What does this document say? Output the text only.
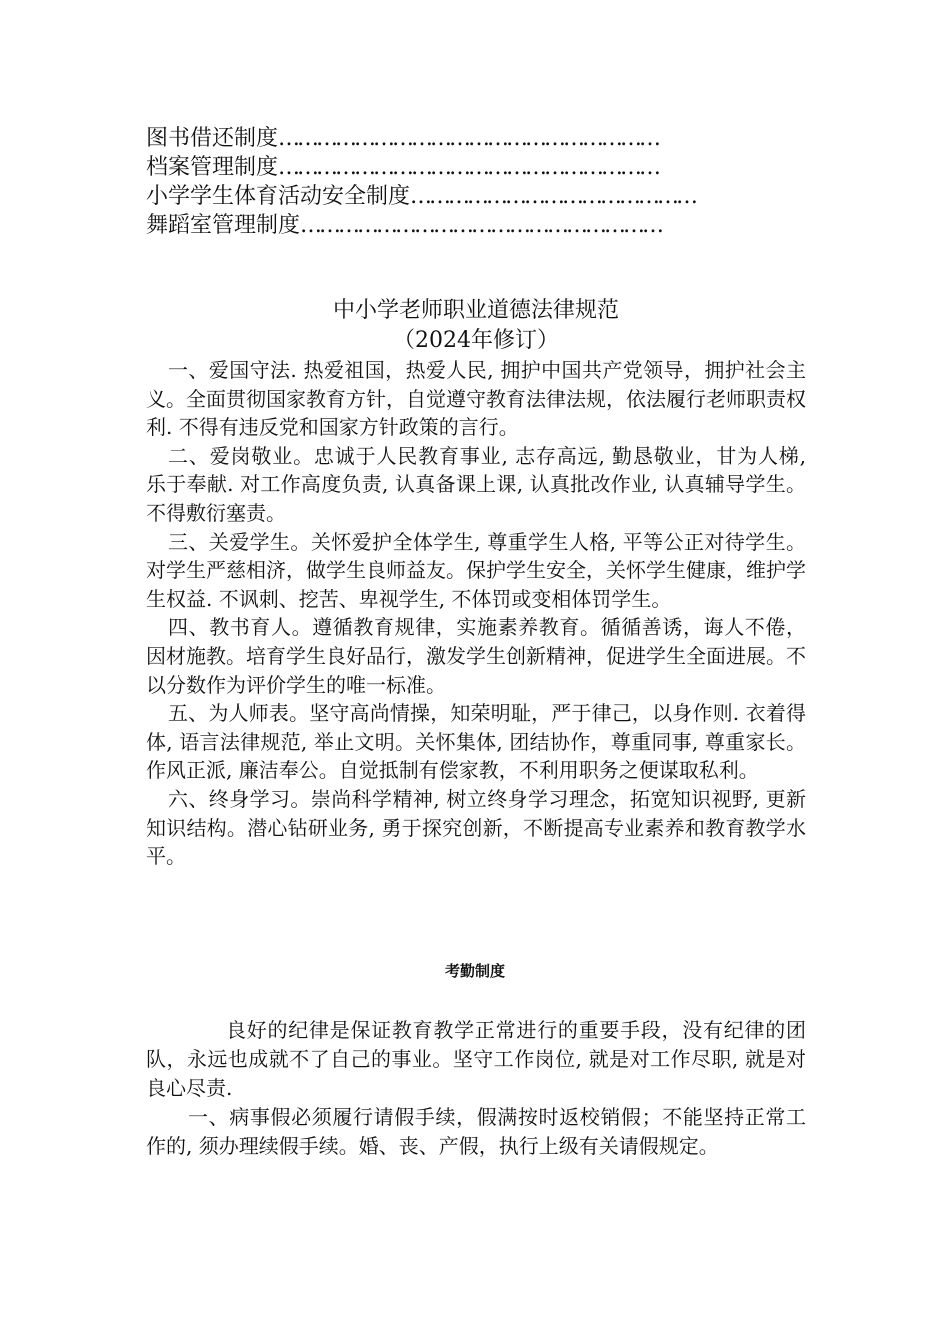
图书借还制度 ……………………………………………………
档案管理制度 ……………………………………………………
小学学生体育活动安全制度 ………………………………………
舞蹈室管理制度 …………………………………………………
中小学老师职业道德法律规范
（2024年修订）

一、爱国守法. 热爱祖国，热爱人民, 拥护中国共产党领导，拥护社会主义。全面贯彻国家教育方针，自觉遵守教育法律法规，依法履行老师职责权利. 不得有违反党和国家方针政策的言行。

二、爱岗敬业。忠诚于人民教育事业, 志存高远, 勤恳敬业，甘为人梯, 乐于奉献. 对工作高度负责, 认真备课上课, 认真批改作业, 认真辅导学生。不得敷衍塞责。

三、关爱学生。关怀爱护全体学生, 尊重学生人格, 平等公正对待学生。对学生严慈相济，做学生良师益友。保护学生安全，关怀学生健康，维护学生权益. 不讽刺、挖苦、卑视学生, 不体罚或变相体罚学生。

四、教书育人。遵循教育规律，实施素养教育。循循善诱，诲人不倦，因材施教。培育学生良好品行，激发学生创新精神，促进学生全面进展。不以分数作为评价学生的唯一标准。

五、为人师表。坚守高尚情操，知荣明耻，严于律己，以身作则. 衣着得体, 语言法律规范, 举止文明。关怀集体, 团结协作，尊重同事, 尊重家长。作风正派, 廉洁奉公。自觉抵制有偿家教，不利用职务之便谋取私利。

六、终身学习。崇尚科学精神, 树立终身学习理念，拓宽知识视野, 更新知识结构。潜心钻研业务, 勇于探究创新，不断提高专业素养和教育教学水平。

考勤制度

良好的纪律是保证教育教学正常进行的重要手段，没有纪律的团队，永远也成就不了自己的事业。坚守工作岗位, 就是对工作尽职, 就是对良心尽责.

一、病事假必须履行请假手续，假满按时返校销假；不能坚持正常工作的, 须办理续假手续。婚、丧、产假，执行上级有关请假规定。
